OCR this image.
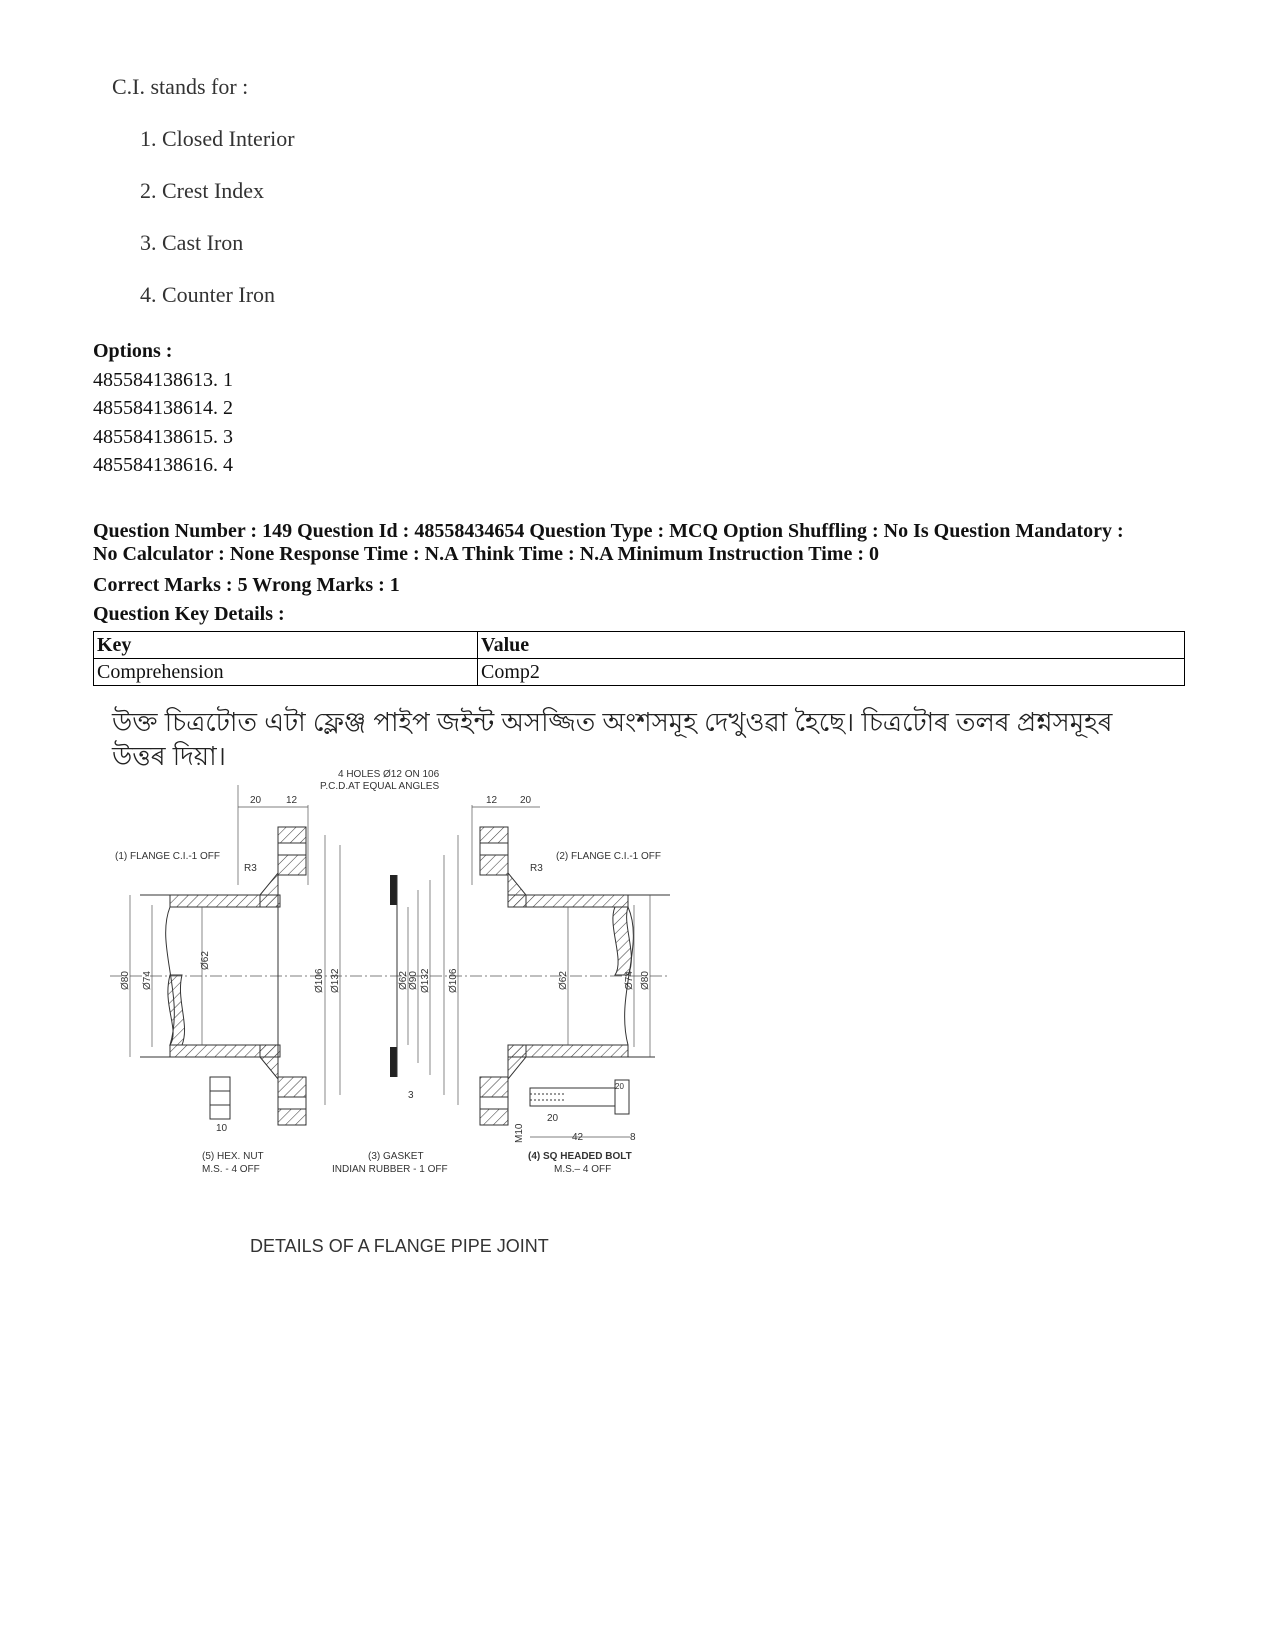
C.I. stands for :

1. Closed Interior
2. Crest Index
3. Cast Iron
4. Counter Iron
Options :
485584138613. 1
485584138614. 2
485584138615. 3
485584138616. 4

Question Number : 149 Question Id : 48558434654 Question Type : MCQ Option Shuffling : No Is Question Mandatory :

No Calculator : None Response Time : N.A Think Time : N.A Minimum Instruction Time : 0

Correct Marks : 5 Wrong Marks : 1
Question Key Details :
Key	Value
Comprehension	Comp2
উক্ত চিত্ৰটোত এটা ফ্লেঞ্জ পাইপ জইন্ট অসজ্জিত অংশসমূহ দেখুওৱা হৈছে। চিত্ৰটোৰ তলৰ প্ৰশ্নসমূহৰ উত্তৰ দিয়া।
4 HOLES Ø12 ON 106
P.C.D.AT EQUAL ANGLES
20 12	12 20
(1) FLANGE C.I.-1 OFF	(2) FLANGE C.I.-1 OFF
R3	R3
Ø80 Ø74
Ø62
Ø106 Ø132	Ø62 Ø90 Ø132 Ø106	Ø62	Ø74 Ø80
3
10
20
42	8
20
M10
(5) HEX. NUT
M.S. - 4 OFF
(3) GASKET
INDIAN RUBBER - 1 OFF
(4) SQ HEADED BOLT
M.S.– 4 OFF
DETAILS OF A FLANGE PIPE JOINT
